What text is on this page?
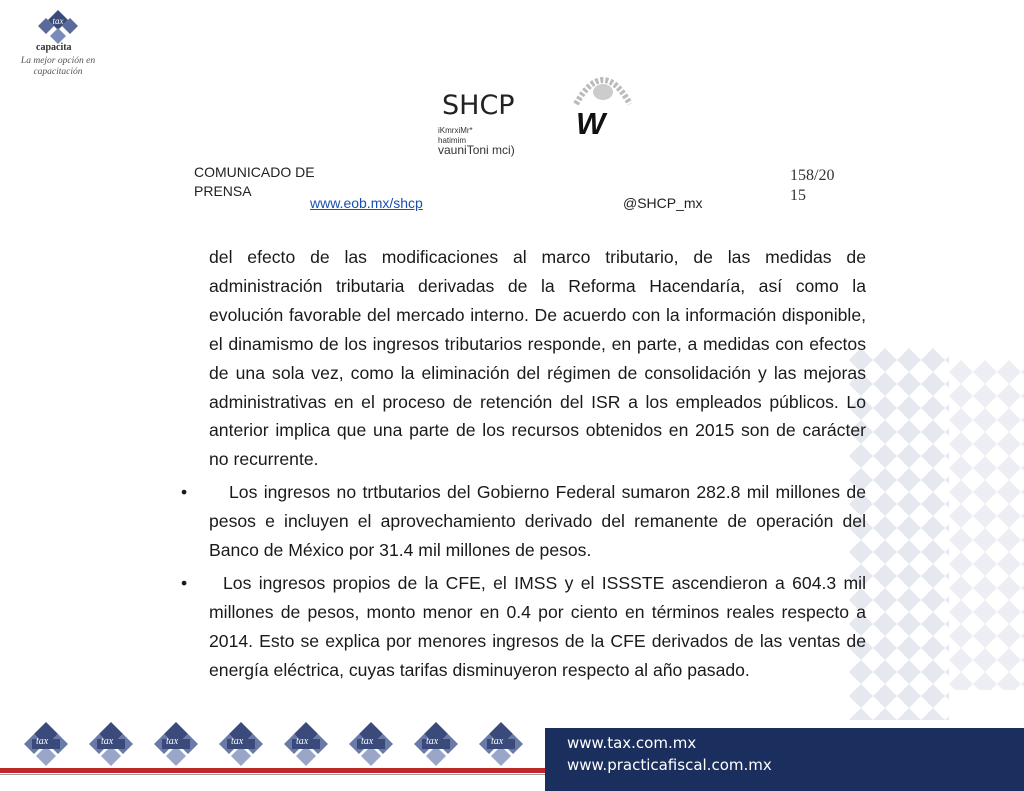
tax
capacita
La mejor opción en capacitación
SHCP
iKmrxiMr*
hatimim
vauniToni mci)
W
COMUNICADO DE PRENSA
158/2015
www.eob.mx/shcp	@SHCP_mx

del efecto de las modificaciones al marco tributario, de las medidas de administración tributaria derivadas de la Reforma Hacendaría, así como la evolución favorable del mercado interno. De acuerdo con la información disponible, el dinamismo de los ingresos tributarios responde, en parte, a medidas con efectos de una sola vez, como la eliminación del régimen de consolidación y las mejoras administrativas en el proceso de retención del ISR a los empleados públicos. Lo anterior implica que una parte de los recursos obtenidos en 2015 son de carácter no recurrente.

•	Los ingresos no trtbutarios del Gobierno Federal sumaron 282.8 mil millones de pesos e incluyen el aprovechamiento derivado del remanente de operación del Banco de México por 31.4 mil millones de pesos.

•	Los ingresos propios de la CFE, el IMSS y el ISSSTE ascendieron a 604.3 mil millones de pesos, monto menor en 0.4 por ciento en términos reales respecto a 2014. Esto se explica por menores ingresos de la CFE derivados de las ventas de energía eléctrica, cuyas tarifas disminuyeron respecto al año pasado.

tax	tax	tax	tax	tax	tax	tax	tax	www.tax.com.mx
www.practicafiscal.com.mx
